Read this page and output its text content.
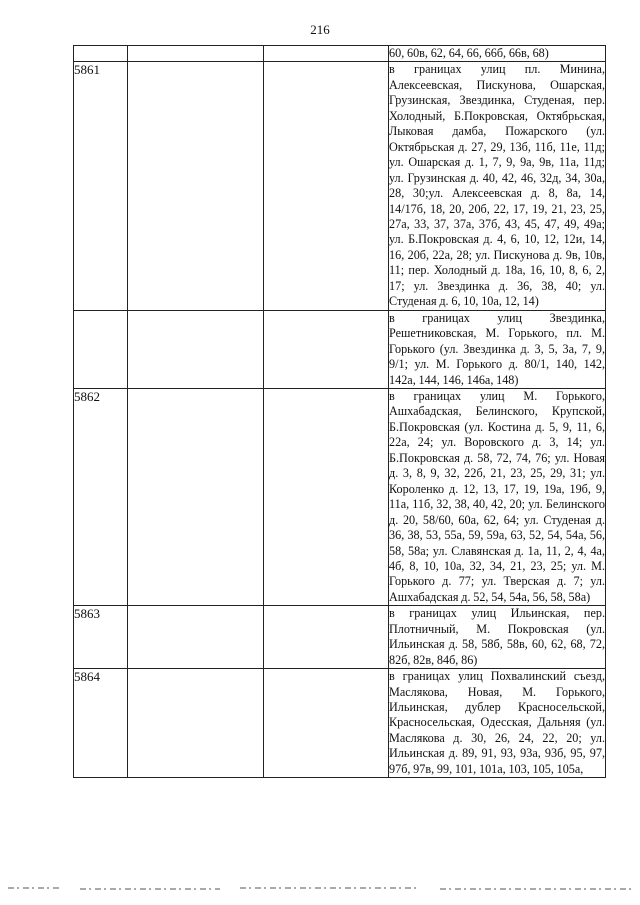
216

			60, 60в, 62, 64, 66, 66б, 66в, 68)

5861			в границах улиц пл. Минина, Алексеевская, Пискунова, Ошарская, Грузинская, Звездинка, Студеная, пер. Холодный, Б.Покровская, Октябрьская, Лыковая дамба, Пожарского (ул. Октябрьская д. 27, 29, 13б, 11б, 11е, 11д; ул. Ошарская д. 1, 7, 9, 9а, 9в, 11а, 11д; ул. Грузинская д. 40, 42, 46, 32д, 34, 30а, 28, 30;ул. Алексеевская д. 8, 8а, 14, 14/17б, 18, 20, 20б, 22, 17, 19, 21, 23, 25, 27а, 33, 37, 37а, 37б, 43, 45, 47, 49, 49а; ул. Б.Покровская д. 4, 6, 10, 12, 12и, 14, 16, 20б, 22а, 28; ул. Пискунова д. 9в, 10в, 11; пер. Холодный д. 18а, 16, 10, 8, 6, 2, 17; ул. Звездинка д. 36, 38, 40; ул. Студеная д. 6, 10, 10а, 12, 14)

			в границах улиц Звездинка, Решетниковская, М. Горького, пл. М. Горького (ул. Звездинка д. 3, 5, 3а, 7, 9, 9/1; ул. М. Горького д. 80/1, 140, 142, 142а, 144, 146, 146а, 148)

5862			в границах улиц М. Горького, Ашхабадская, Белинского, Крупской, Б.Покровская (ул. Костина д. 5, 9, 11, 6, 22а, 24; ул. Воровского д. 3, 14; ул. Б.Покровская д. 58, 72, 74, 76; ул. Новая д. 3, 8, 9, 32, 22б, 21, 23, 25, 29, 31; ул. Короленко д. 12, 13, 17, 19, 19а, 19б, 9, 11а, 11б, 32, 38, 40, 42, 20; ул. Белинского д. 20, 58/60, 60а, 62, 64; ул. Студеная д. 36, 38, 53, 55а, 59, 59а, 63, 52, 54, 54а, 56, 58, 58а; ул. Славянская д. 1а, 11, 2, 4, 4а, 4б, 8, 10, 10а, 32, 34, 21, 23, 25; ул. М. Горького д. 77; ул. Тверская д. 7; ул. Ашхабадская д. 52, 54, 54а, 56, 58, 58а)

5863			в границах улиц Ильинская, пер. Плотничный, М. Покровская (ул. Ильинская д. 58, 58б, 58в, 60, 62, 68, 72, 82б, 82в, 84б, 86)

5864			в границах улиц Похвалинский съезд, Маслякова, Новая, М. Горького, Ильинская, дублер Красносельской, Красносельская, Одесская, Дальняя (ул. Маслякова д. 30, 26, 24, 22, 20; ул. Ильинская д. 89, 91, 93, 93а, 93б, 95, 97, 97б, 97в, 99, 101, 101а, 103, 105, 105а,
